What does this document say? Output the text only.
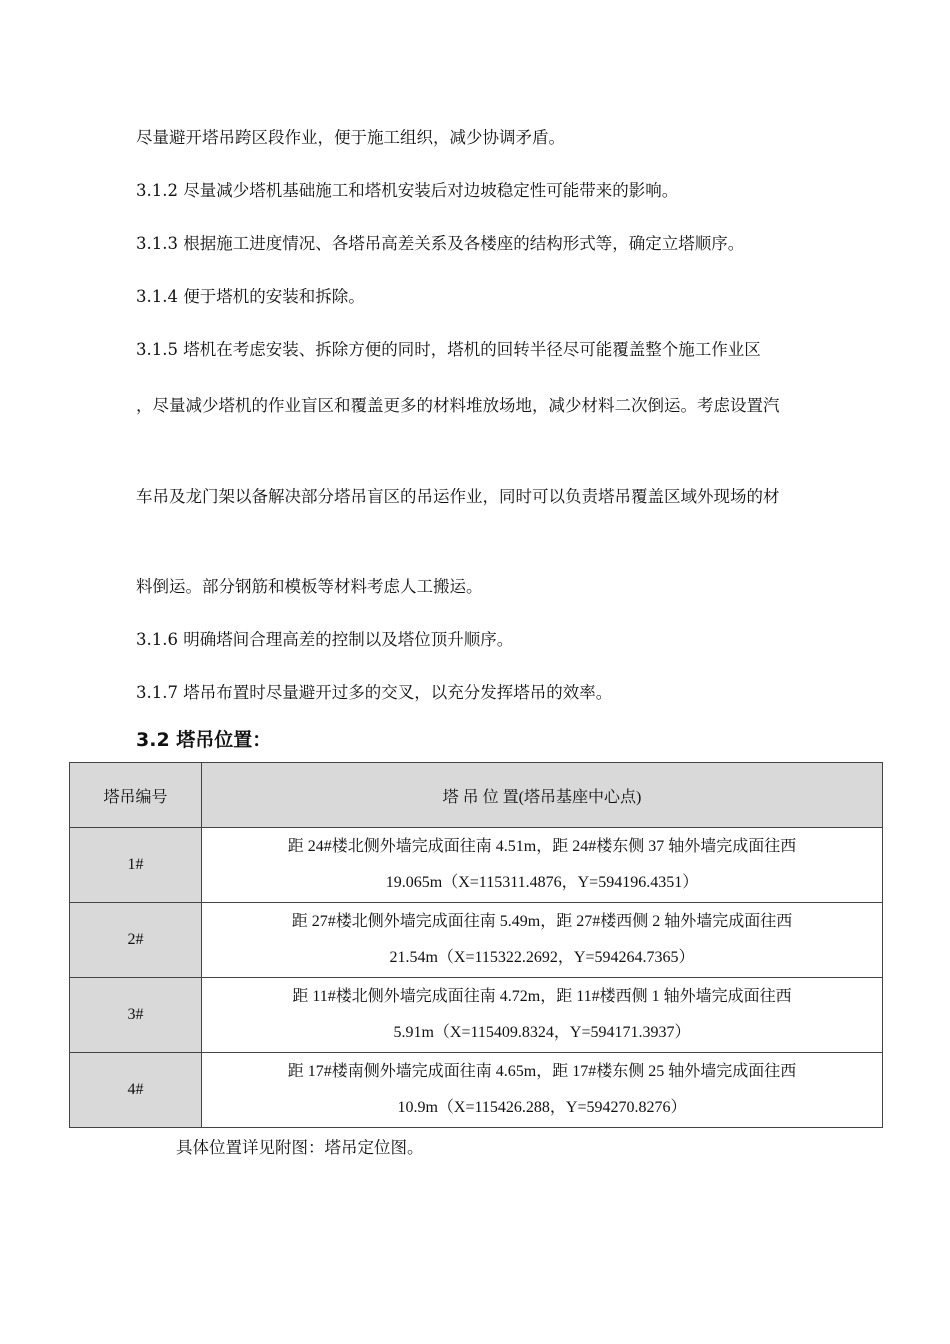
尽量避开塔吊跨区段作业，便于施工组织，减少协调矛盾。
3.1.2 尽量减少塔机基础施工和塔机安装后对边坡稳定性可能带来的影响。
3.1.3 根据施工进度情况、各塔吊高差关系及各楼座的结构形式等，确定立塔顺序。
3.1.4 便于塔机的安装和拆除。
3.1.5 塔机在考虑安装、拆除方便的同时，塔机的回转半径尽可能覆盖整个施工作业区
，尽量减少塔机的作业盲区和覆盖更多的材料堆放场地，减少材料二次倒运。考虑设置汽
车吊及龙门架以备解决部分塔吊盲区的吊运作业，同时可以负责塔吊覆盖区域外现场的材
料倒运。部分钢筋和模板等材料考虑人工搬运。
3.1.6 明确塔间合理高差的控制以及塔位顶升顺序。
3.1.7 塔吊布置时尽量避开过多的交叉，以充分发挥塔吊的效率。
3.2 塔吊位置：
塔吊编号	塔 吊 位 置(塔吊基座中心点)
1#	距 24#楼北侧外墙完成面往南 4.51m，距 24#楼东侧 37 轴外墙完成面往西
19.065m（X=115311.4876，Y=594196.4351）

2#	距 27#楼北侧外墙完成面往南 5.49m，距 27#楼西侧 2 轴外墙完成面往西
21.54m（X=115322.2692，Y=594264.7365）

3#	距 11#楼北侧外墙完成面往南 4.72m，距 11#楼西侧 1 轴外墙完成面往西
5.91m（X=115409.8324，Y=594171.3937）

4#	距 17#楼南侧外墙完成面往南 4.65m，距 17#楼东侧 25 轴外墙完成面往西
10.9m（X=115426.288，Y=594270.8276）
具体位置详见附图：塔吊定位图。
